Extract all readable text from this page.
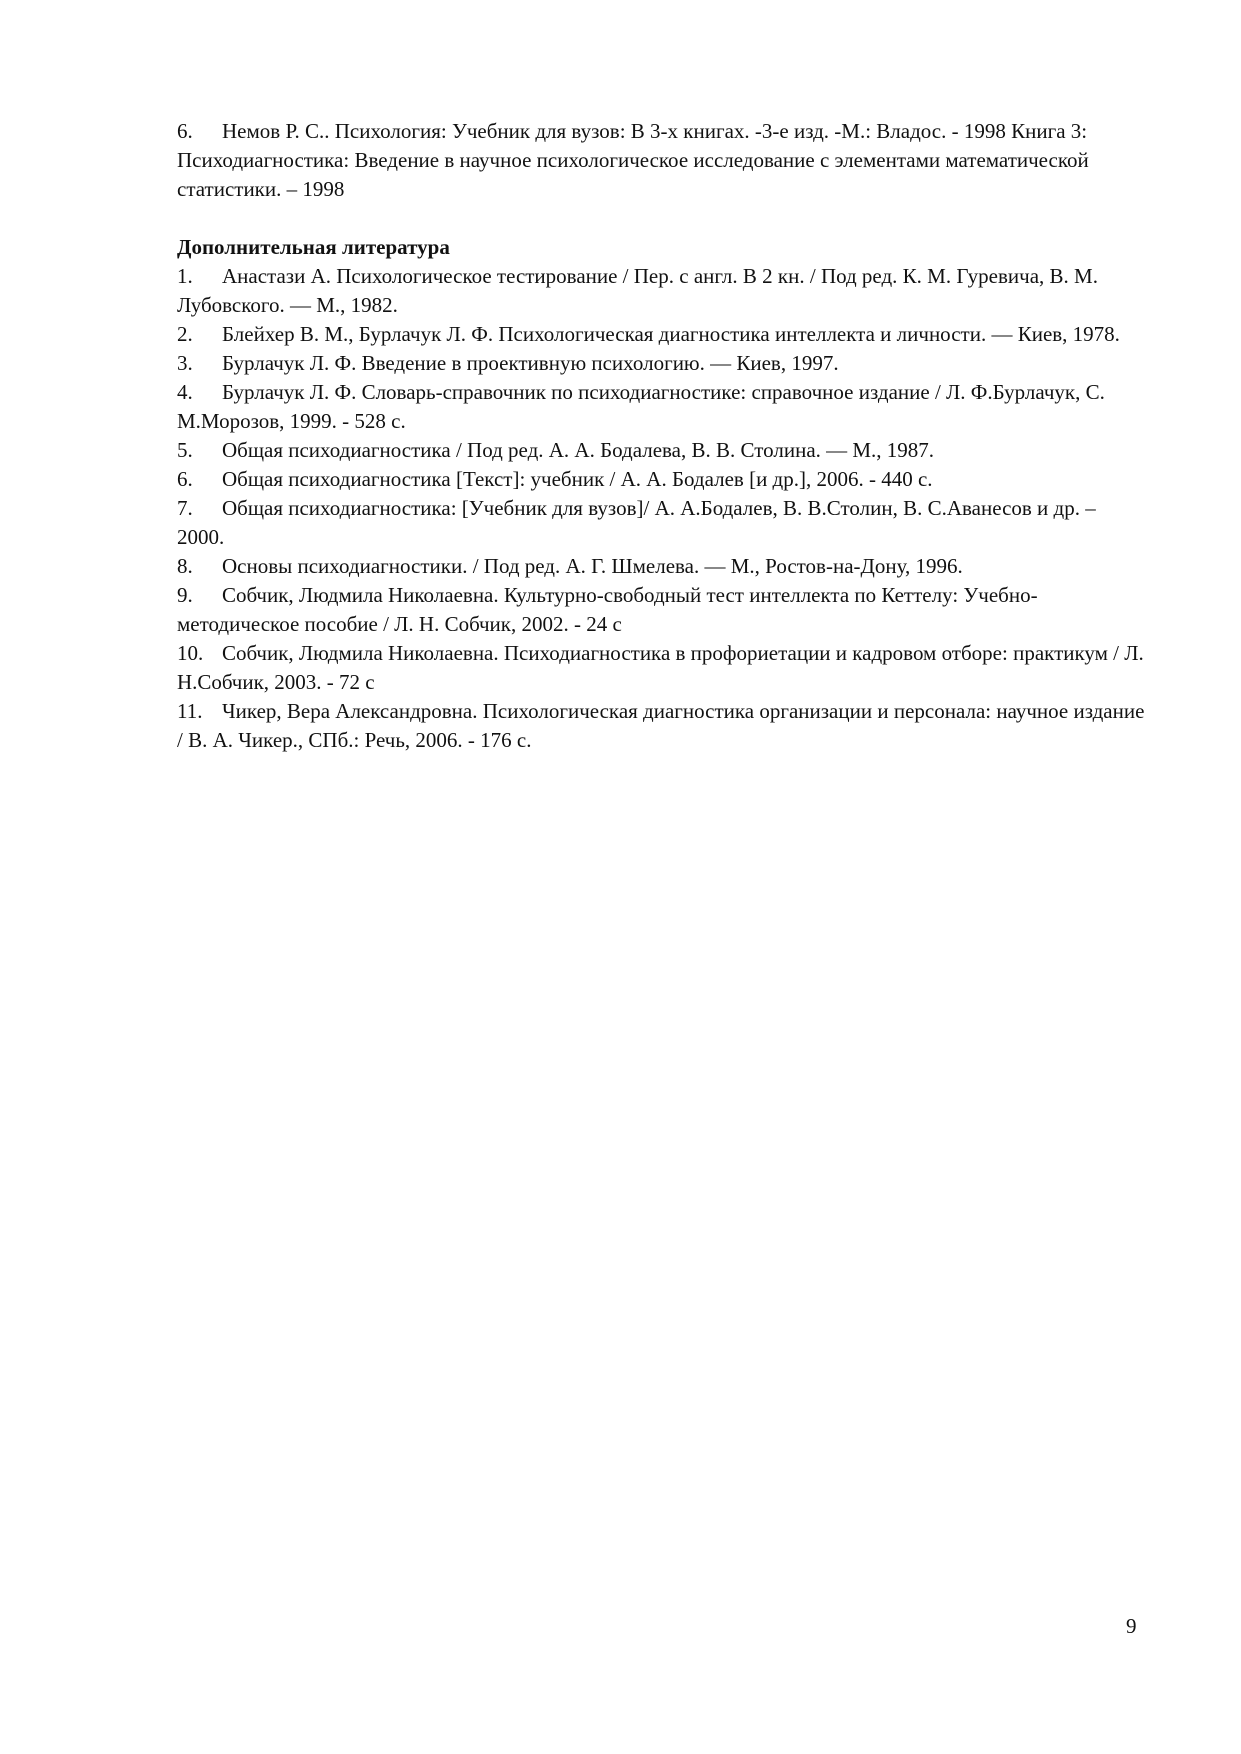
6. Немов Р. С.. Психология: Учебник для вузов: В 3-х книгах. -3-е изд. -М.: Владос. - 1998 Книга 3: Психодиагностика: Введение в научное психологическое исследование с элементами математической статистики. – 1998

Дополнительная литература

1. Анастази А. Психологическое тестирование / Пер. с англ. В 2 кн. / Под ред. К. М. Гуревича, В. М. Лубовского. — М., 1982.

2. Блейхер В. М., Бурлачук Л. Ф. Психологическая диагностика интеллекта и личности. — Киев, 1978.

3. Бурлачук Л. Ф. Введение в проективную психологию. — Киев, 1997.

4. Бурлачук Л. Ф. Словарь-справочник по психодиагностике: справочное издание / Л. Ф.Бурлачук, С. М.Морозов, 1999. - 528 с.

5. Общая психодиагностика / Под ред. А. А. Бодалева, В. В. Столина. — М., 1987.

6. Общая психодиагностика [Текст]: учебник / А. А. Бодалев [и др.], 2006. - 440 с.

7. Общая психодиагностика: [Учебник для вузов]/ А. А.Бодалев, В. В.Столин, В. С.Аванесов и др. – 2000.

8. Основы психодиагностики. / Под ред. А. Г. Шмелева. — М., Ростов-на-Дону, 1996.

9. Собчик, Людмила Николаевна. Культурно-свободный тест интеллекта по Кеттелу: Учебно-методическое пособие / Л. Н. Собчик, 2002. - 24 с

10. Собчик, Людмила Николаевна. Психодиагностика в профориетации и кадровом отборе: практикум / Л. Н.Собчик, 2003. - 72 с

11. Чикер, Вера Александровна. Психологическая диагностика организации и персонала: научное издание / В. А. Чикер., СПб.: Речь, 2006. - 176 с.

9
